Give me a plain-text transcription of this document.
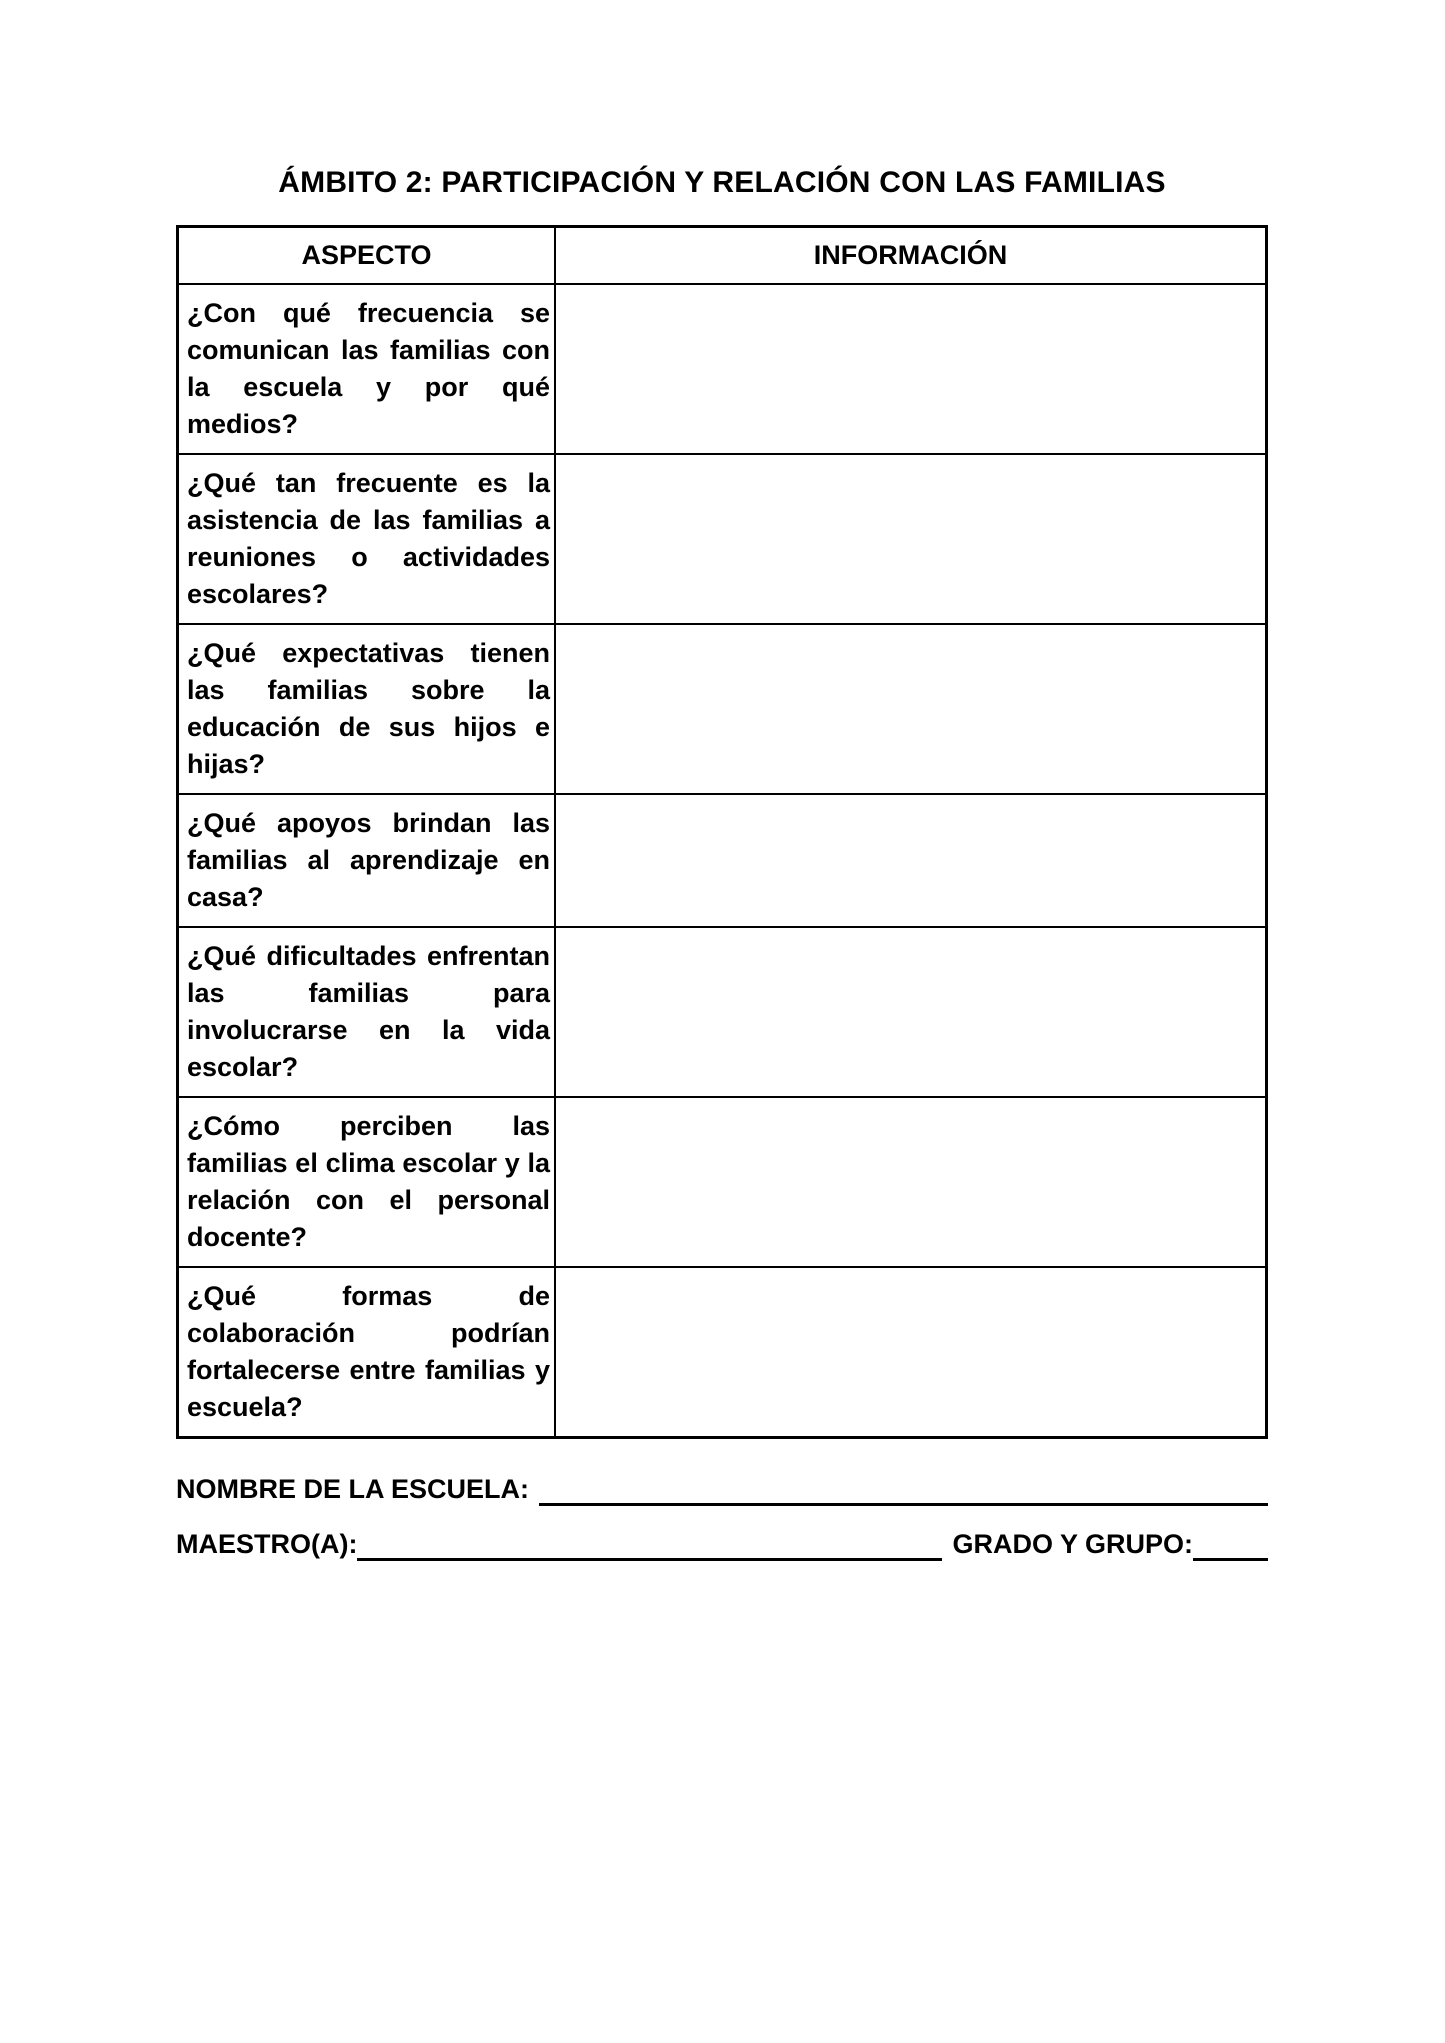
ÁMBITO 2: PARTICIPACIÓN Y RELACIÓN CON LAS FAMILIAS
ASPECTO	INFORMACIÓN

¿Con qué frecuencia se
comunican las familias con
la escuela y por qué
medios?	

¿Qué tan frecuente es la
asistencia de las familias a
reuniones o actividades
escolares?	

¿Qué expectativas tienen
las familias sobre la
educación de sus hijos e
hijas?	

¿Qué apoyos brindan las
familias al aprendizaje en
casa?	

¿Qué dificultades enfrentan
las familias para
involucrarse en la vida
escolar?	

¿Cómo perciben las
familias el clima escolar y la
relación con el personal
docente?	

¿Qué formas de
colaboración podrían
fortalecerse entre familias y
escuela?	

NOMBRE DE LA ESCUELA:
MAESTRO(A):	GRADO Y GRUPO:
